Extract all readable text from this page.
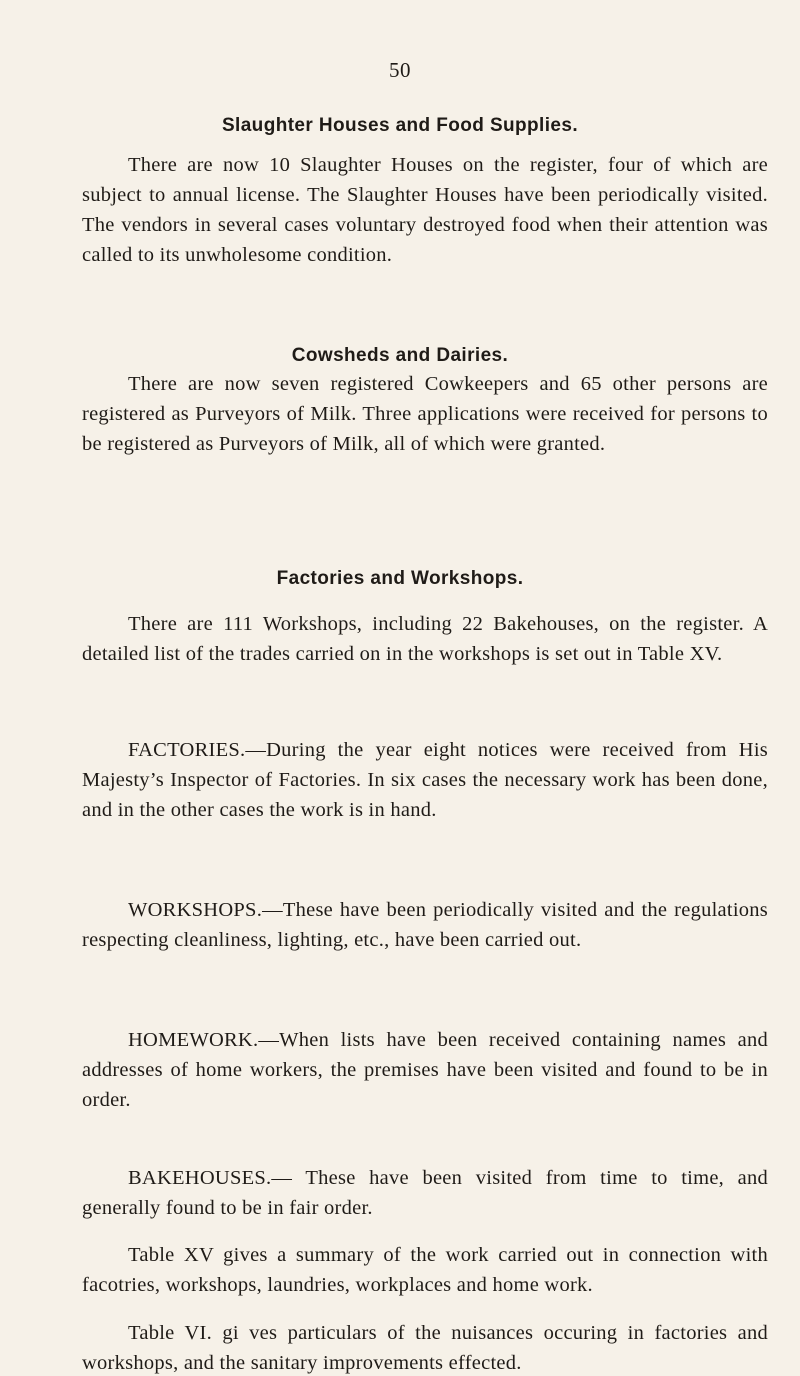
50
Slaughter Houses and Food Supplies.

There are now 10 Slaughter Houses on the register, four of which are subject to annual license. The Slaughter Houses have been periodically visited. The vendors in several cases voluntary destroyed food when their attention was called to its unwholesome condition.

Cowsheds and Dairies.

There are now seven registered Cowkeepers and 65 other persons are registered as Purveyors of Milk. Three applications were received for persons to be registered as Purveyors of Milk, all of which were granted.

Factories and Workshops.

There are 111 Workshops, including 22 Bakehouses, on the register. A detailed list of the trades carried on in the workshops is set out in Table XV.

FACTORIES.—During the year eight notices were received from His Majesty’s Inspector of Factories. In six cases the necessary work has been done, and in the other cases the work is in hand.

WORKSHOPS.—These have been periodically visited and the regulations respecting cleanliness, lighting, etc., have been carried out.

HOMEWORK.—When lists have been received containing names and addresses of home workers, the premises have been visited and found to be in order.

BAKEHOUSES.— These have been visited from time to time, and generally found to be in fair order.

Table XV gives a summary of the work carried out in connection with facotries, workshops, laundries, workplaces and home work.

Table VI. gi ves particulars of the nuisances occuring in factories and workshops, and the sanitary improvements effected.
